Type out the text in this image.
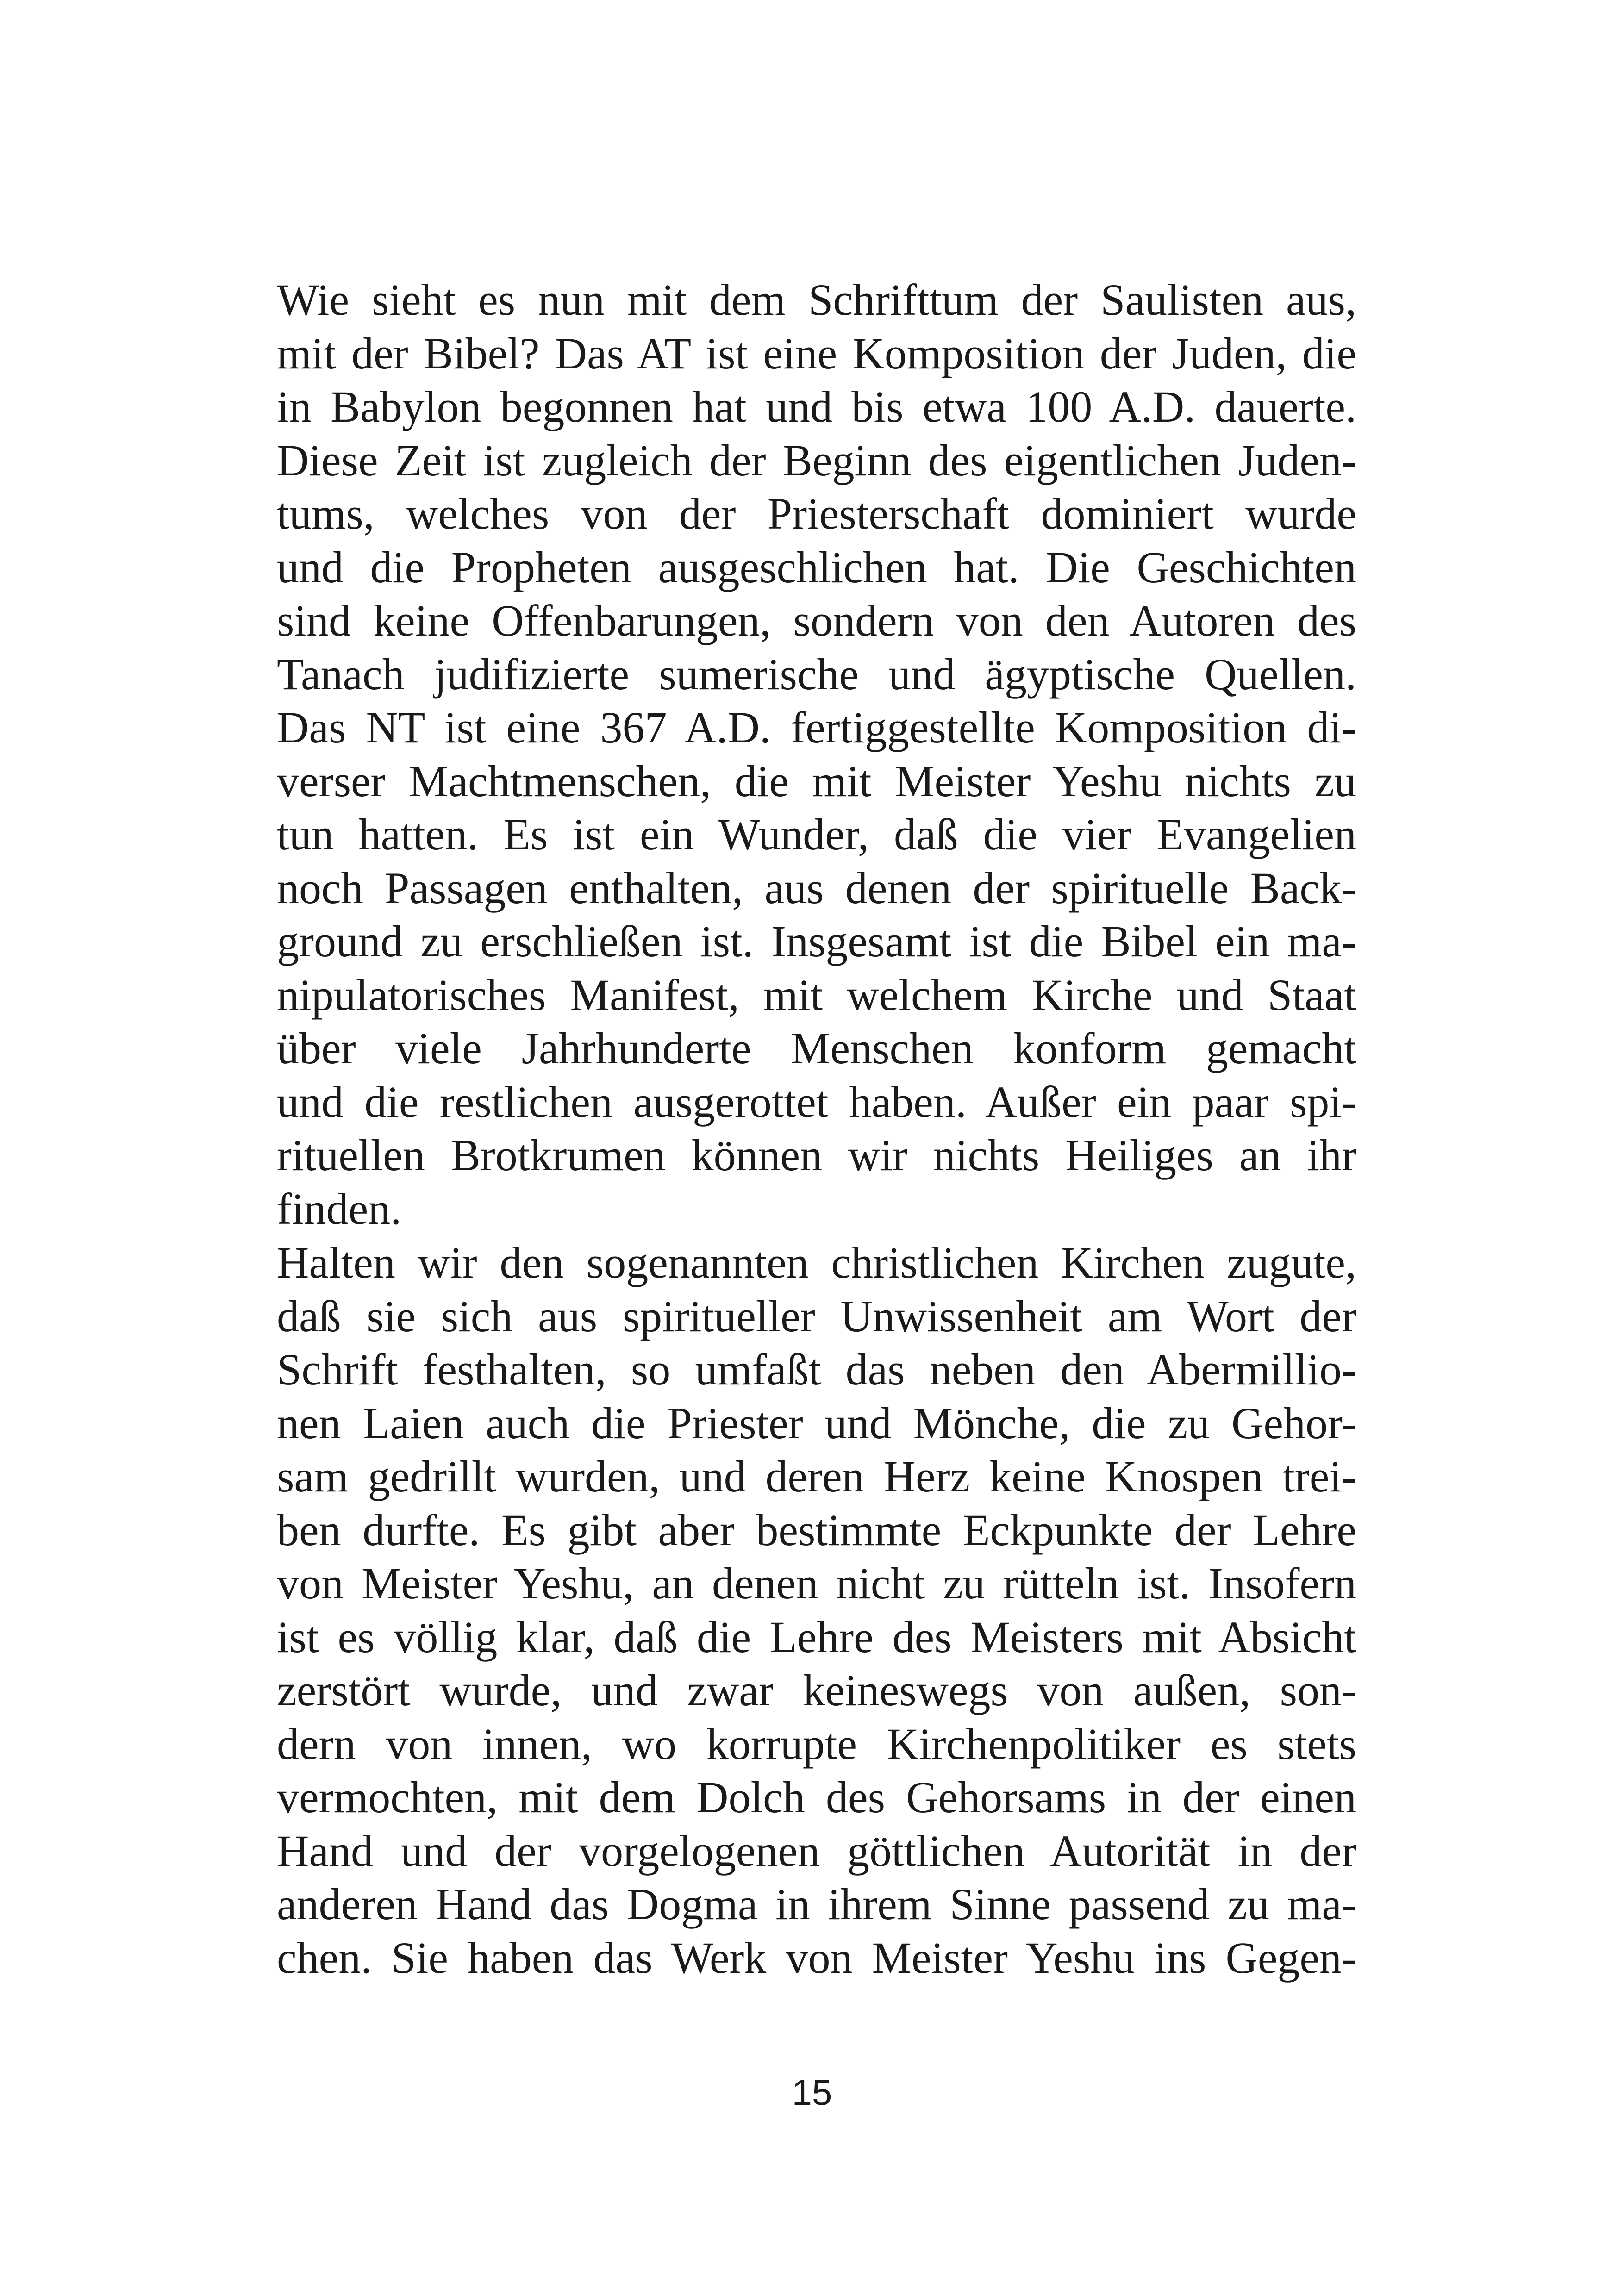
Wie sieht es nun mit dem Schrifttum der Saulisten aus,
mit der Bibel? Das AT ist eine Komposition der Juden, die
in Babylon begonnen hat und bis etwa 100 A.D. dauerte.
Diese Zeit ist zugleich der Beginn des eigentlichen Juden-
tums, welches von der Priesterschaft dominiert wurde
und die Propheten ausgeschlichen hat. Die Geschichten
sind keine Offenbarungen, sondern von den Autoren des
Tanach judifizierte sumerische und ägyptische Quellen.
Das NT ist eine 367 A.D. fertiggestellte Komposition di-
verser Machtmenschen, die mit Meister Yeshu nichts zu
tun hatten. Es ist ein Wunder, daß die vier Evangelien
noch Passagen enthalten, aus denen der spirituelle Back-
ground zu erschließen ist. Insgesamt ist die Bibel ein ma-
nipulatorisches Manifest, mit welchem Kirche und Staat
über viele Jahrhunderte Menschen konform gemacht
und die restlichen ausgerottet haben. Außer ein paar spi-
rituellen Brotkrumen können wir nichts Heiliges an ihr
finden.
Halten wir den sogenannten christlichen Kirchen zugute,
daß sie sich aus spiritueller Unwissenheit am Wort der
Schrift festhalten, so umfaßt das neben den Abermillio-
nen Laien auch die Priester und Mönche, die zu Gehor-
sam gedrillt wurden, und deren Herz keine Knospen trei-
ben durfte. Es gibt aber bestimmte Eckpunkte der Lehre
von Meister Yeshu, an denen nicht zu rütteln ist. Insofern
ist es völlig klar, daß die Lehre des Meisters mit Absicht
zerstört wurde, und zwar keineswegs von außen, son-
dern von innen, wo korrupte Kirchenpolitiker es stets
vermochten, mit dem Dolch des Gehorsams in der einen
Hand und der vorgelogenen göttlichen Autorität in der
anderen Hand das Dogma in ihrem Sinne passend zu ma-
chen. Sie haben das Werk von Meister Yeshu ins Gegen-
15
